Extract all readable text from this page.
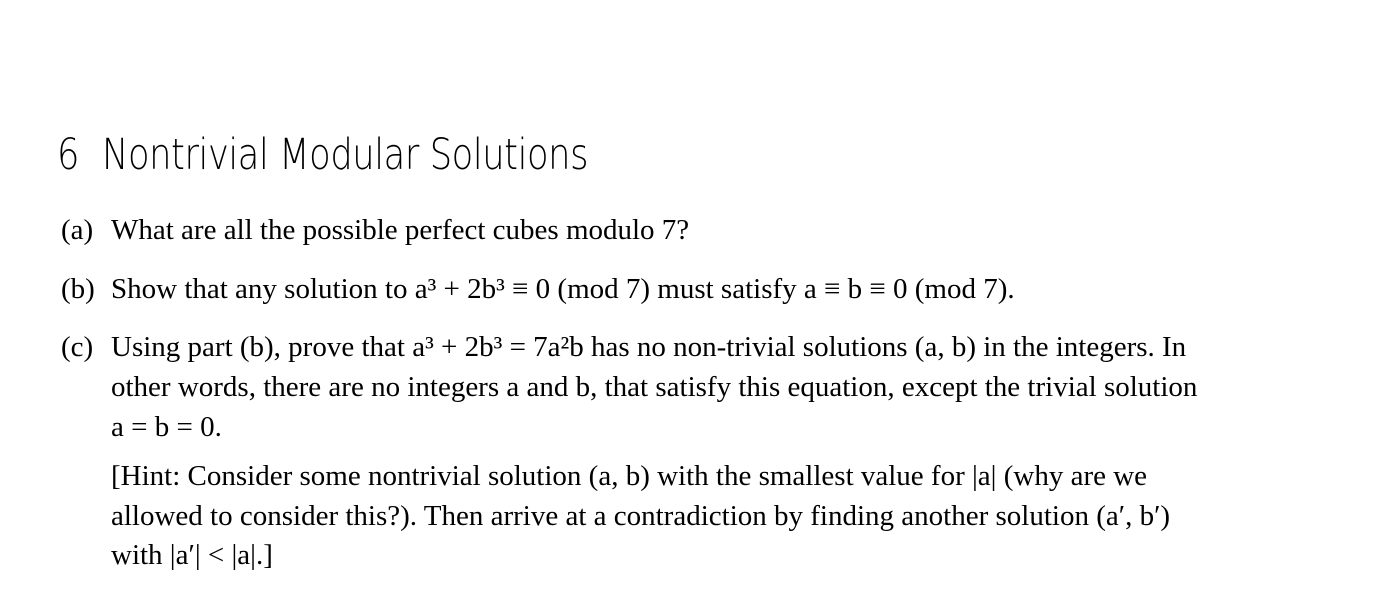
6 Nontrivial Modular Solutions
(a) What are all the possible perfect cubes modulo 7?
(b) Show that any solution to a³ + 2b³ ≡ 0 (mod 7) must satisfy a ≡ b ≡ 0 (mod 7).
(c) Using part (b), prove that a³ + 2b³ = 7a²b has no non-trivial solutions (a, b) in the integers. In
other words, there are no integers a and b, that satisfy this equation, except the trivial solution
a = b = 0.
[Hint: Consider some nontrivial solution (a, b) with the smallest value for |a| (why are we
allowed to consider this?). Then arrive at a contradiction by finding another solution (a′, b′)
with |a′| < |a|.]
